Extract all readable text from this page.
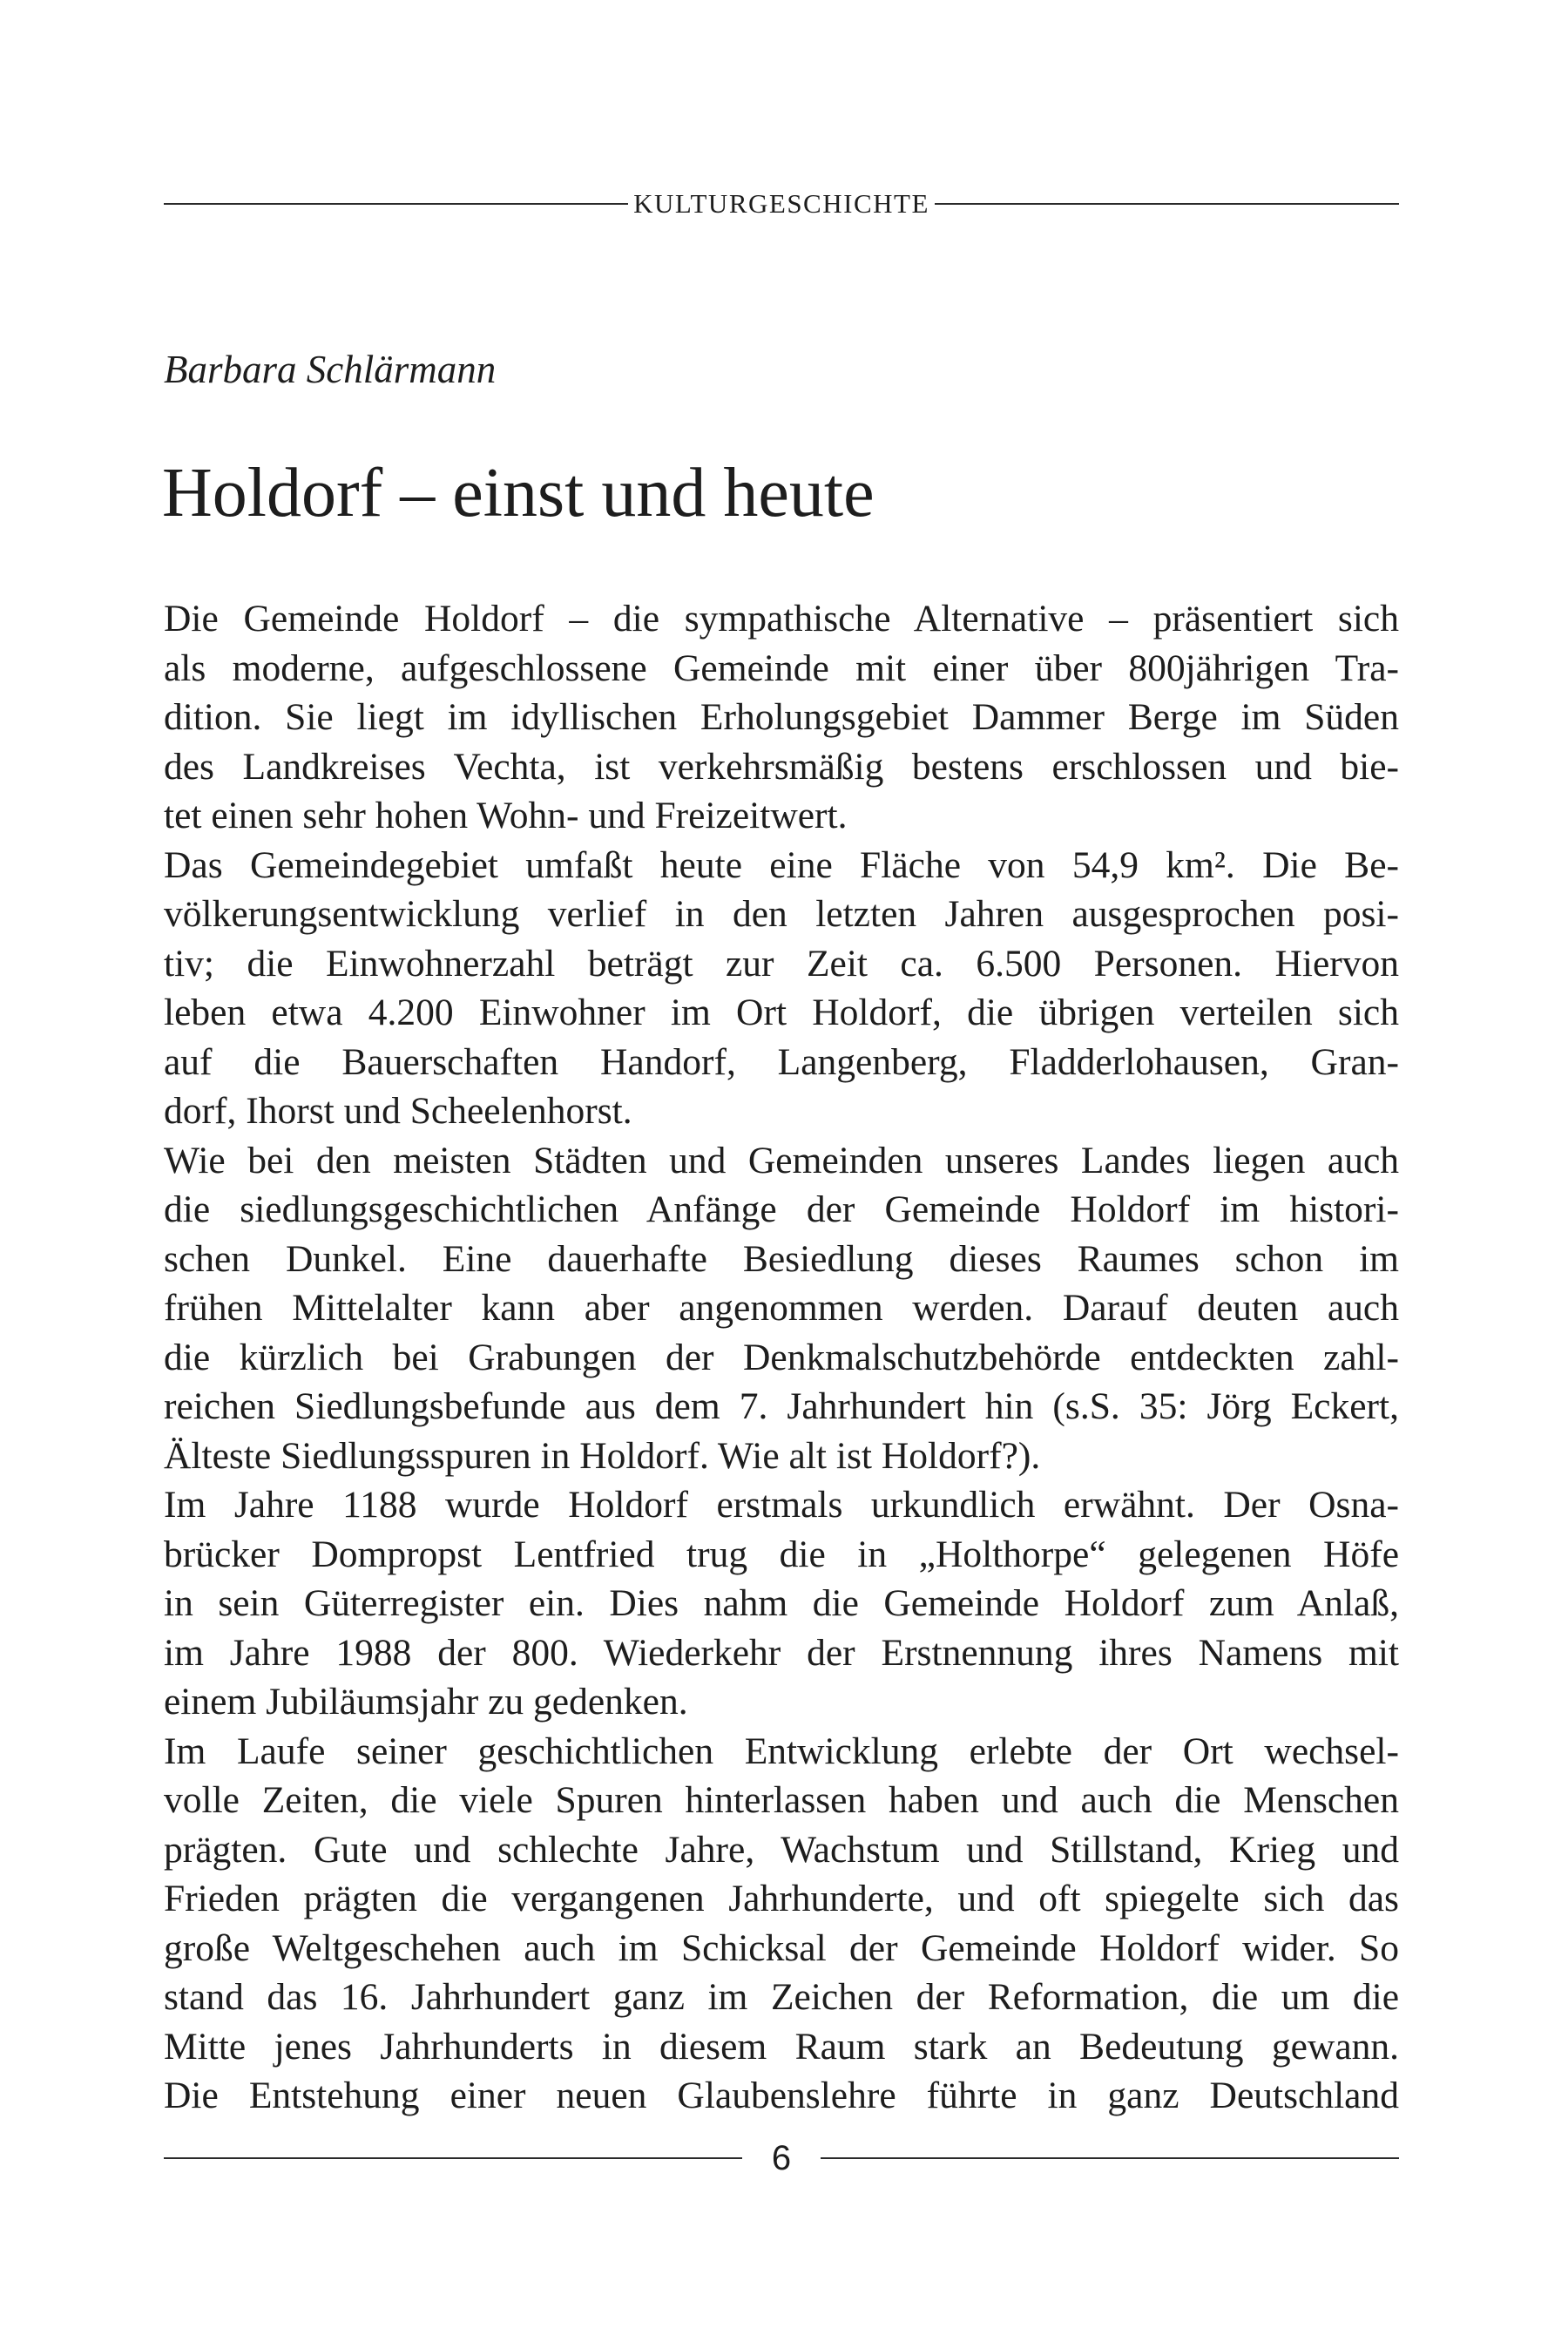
KULTURGESCHICHTE
Barbara Schlärmann
Holdorf – einst und heute
Die Gemeinde Holdorf – die sympathische Alternative – präsentiert sich
als moderne, aufgeschlossene Gemeinde mit einer über 800jährigen Tra-
dition. Sie liegt im idyllischen Erholungsgebiet Dammer Berge im Süden
des Landkreises Vechta, ist verkehrsmäßig bestens erschlossen und bie-
tet einen sehr hohen Wohn- und Freizeitwert.
Das Gemeindegebiet umfaßt heute eine Fläche von 54,9 km². Die Be-
völkerungsentwicklung verlief in den letzten Jahren ausgesprochen posi-
tiv; die Einwohnerzahl beträgt zur Zeit ca. 6.500 Personen. Hiervon
leben etwa 4.200 Einwohner im Ort Holdorf, die übrigen verteilen sich
auf die Bauerschaften Handorf, Langenberg, Fladderlohausen, Gran-
dorf, Ihorst und Scheelenhorst.
Wie bei den meisten Städten und Gemeinden unseres Landes liegen auch
die siedlungsgeschichtlichen Anfänge der Gemeinde Holdorf im histori-
schen Dunkel. Eine dauerhafte Besiedlung dieses Raumes schon im
frühen Mittelalter kann aber angenommen werden. Darauf deuten auch
die kürzlich bei Grabungen der Denkmalschutzbehörde entdeckten zahl-
reichen Siedlungsbefunde aus dem 7. Jahrhundert hin (s.S. 35: Jörg Eckert,
Älteste Siedlungsspuren in Holdorf. Wie alt ist Holdorf?).
Im Jahre 1188 wurde Holdorf erstmals urkundlich erwähnt. Der Osna-
brücker Dompropst Lentfried trug die in „Holthorpe“ gelegenen Höfe
in sein Güterregister ein. Dies nahm die Gemeinde Holdorf zum Anlaß,
im Jahre 1988 der 800. Wiederkehr der Erstnennung ihres Namens mit
einem Jubiläumsjahr zu gedenken.
Im Laufe seiner geschichtlichen Entwicklung erlebte der Ort wechsel-
volle Zeiten, die viele Spuren hinterlassen haben und auch die Menschen
prägten. Gute und schlechte Jahre, Wachstum und Stillstand, Krieg und
Frieden prägten die vergangenen Jahrhunderte, und oft spiegelte sich das
große Weltgeschehen auch im Schicksal der Gemeinde Holdorf wider. So
stand das 16. Jahrhundert ganz im Zeichen der Reformation, die um die
Mitte jenes Jahrhunderts in diesem Raum stark an Bedeutung gewann.
Die Entstehung einer neuen Glaubenslehre führte in ganz Deutschland
6
